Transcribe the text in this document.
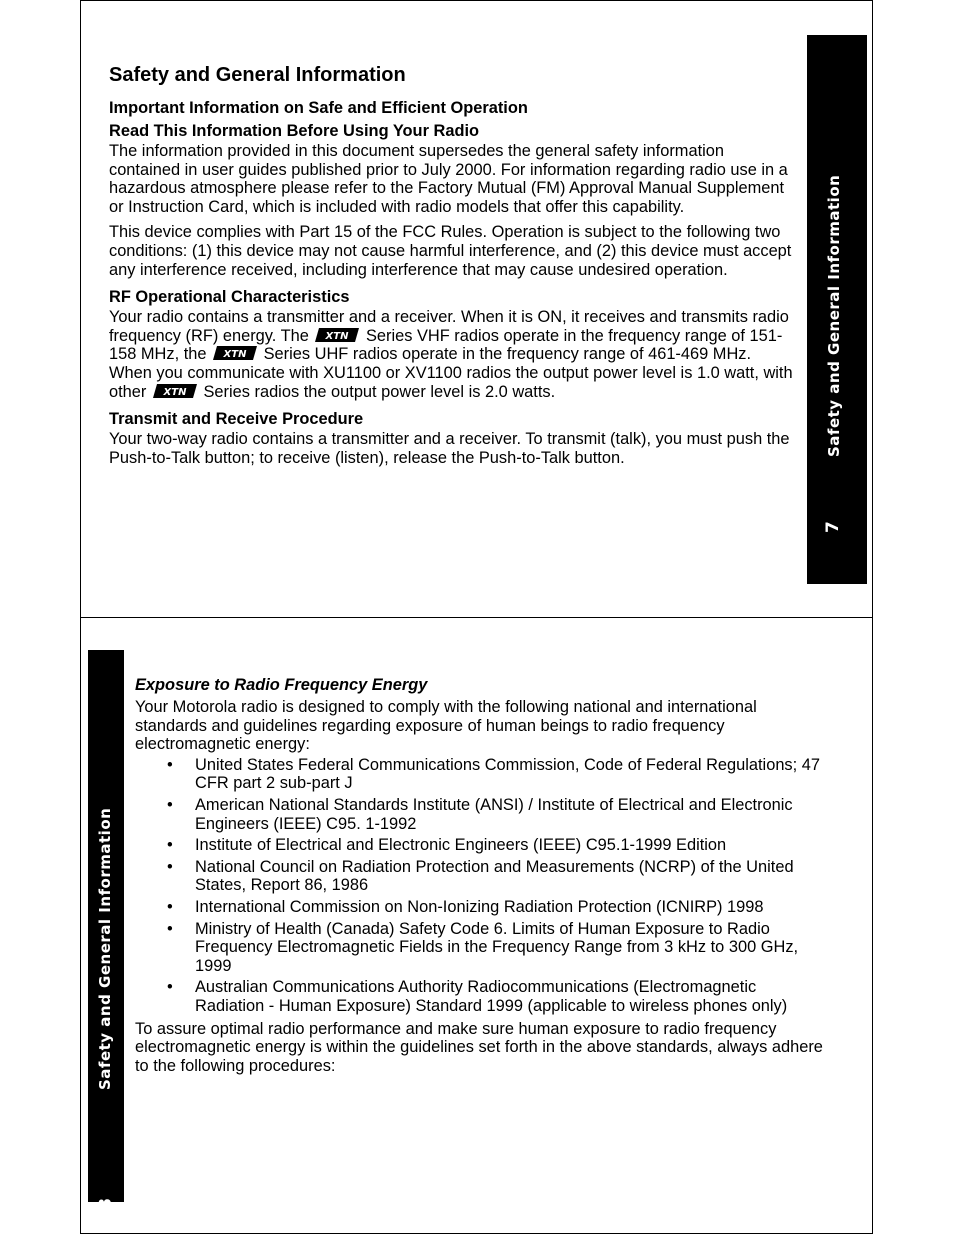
Safety and General Information
7
Safety and General Information
Important Information on Safe and Efficient Operation
Read This Information Before Using Your Radio

The information provided in this document supersedes the general safety information contained in user guides published prior to July 2000. For information regarding radio use in a hazardous atmosphere please refer to the Factory Mutual (FM) Approval Manual Supplement or Instruction Card, which is included with radio models that offer this capability.

This device complies with Part 15 of the FCC Rules. Operation is subject to the following two conditions: (1) this device may not cause harmful interference, and (2) this device must accept any interference received, including interference that may cause undesired operation.

RF Operational Characteristics

Your radio contains a transmitter and a receiver. When it is ON, it receives and transmits radio frequency (RF) energy. The XTN Series VHF radios operate in the frequency range of 151-158 MHz, the XTN Series UHF radios operate in the frequency range of 461-469 MHz. When you communicate with XU1100 or XV1100 radios the output power level is 1.0 watt, with other XTN Series radios the output power level is 2.0 watts.

Transmit and Receive Procedure

Your two-way radio contains a transmitter and a receiver. To transmit (talk), you must push the Push-to-Talk button; to receive (listen), release the Push-to-Talk button.

Safety and General Information
8
Exposure to Radio Frequency Energy

Your Motorola radio is designed to comply with the following national and international standards and guidelines regarding exposure of human beings to radio frequency electromagnetic energy:

• United States Federal Communications Commission, Code of Federal Regulations; 47 CFR part 2 sub-part J
• American National Standards Institute (ANSI) / Institute of Electrical and Electronic Engineers (IEEE) C95. 1-1992
• Institute of Electrical and Electronic Engineers (IEEE) C95.1-1999 Edition
• National Council on Radiation Protection and Measurements (NCRP) of the United States, Report 86, 1986
• International Commission on Non-Ionizing Radiation Protection (ICNIRP) 1998
• Ministry of Health (Canada) Safety Code 6. Limits of Human Exposure to Radio Frequency Electromagnetic Fields in the Frequency Range from 3 kHz to 300 GHz, 1999
• Australian Communications Authority Radiocommunications (Electromagnetic Radiation - Human Exposure) Standard 1999 (applicable to wireless phones only)

To assure optimal radio performance and make sure human exposure to radio frequency electromagnetic energy is within the guidelines set forth in the above standards, always adhere to the following procedures:
